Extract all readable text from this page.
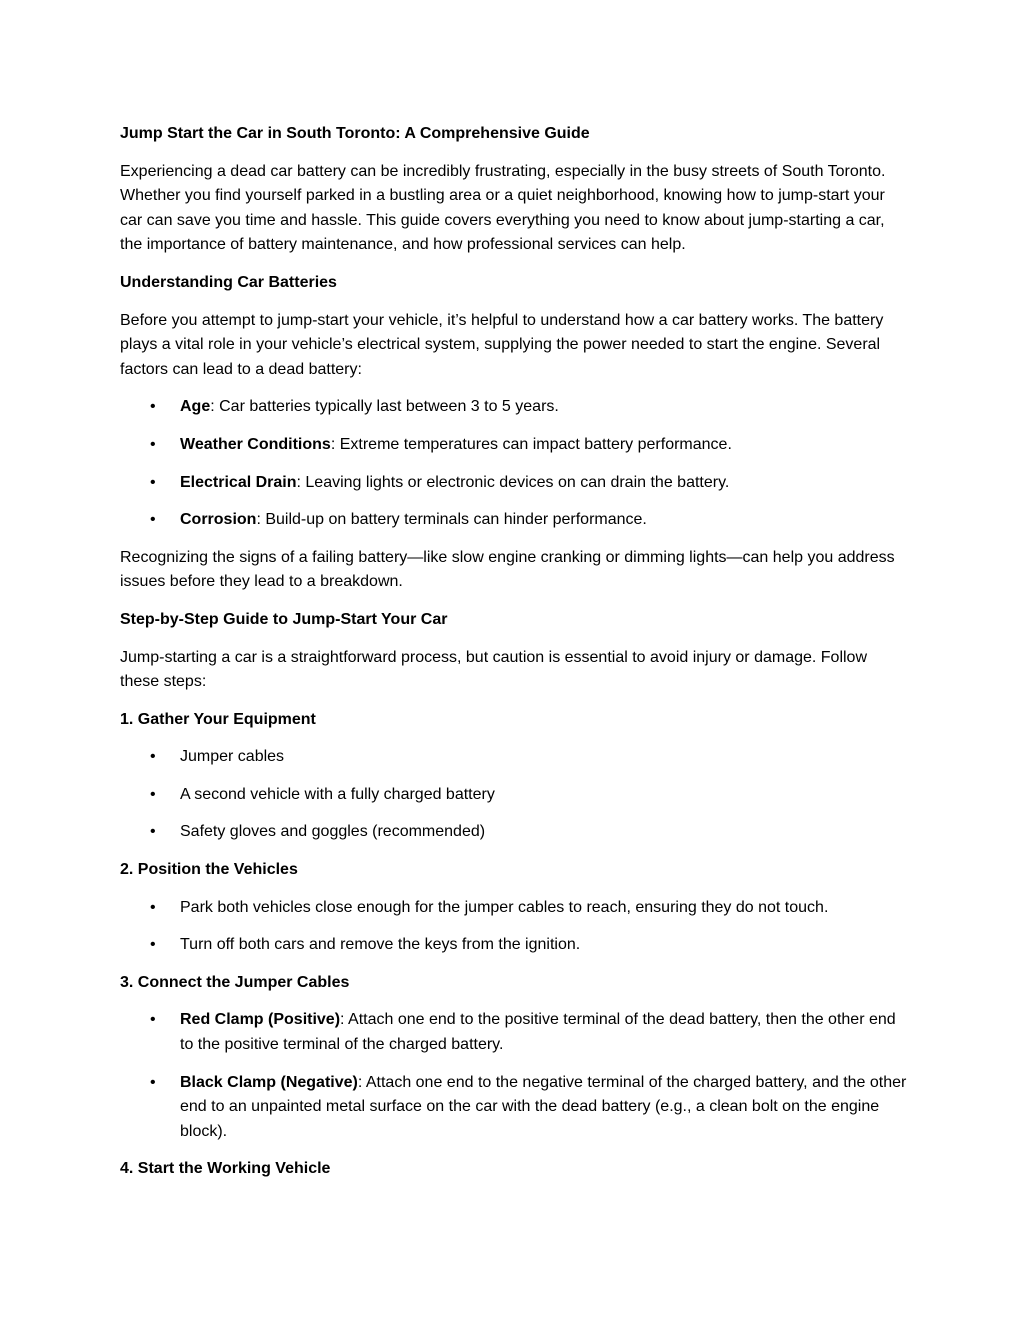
Jump Start the Car in South Toronto: A Comprehensive Guide

Experiencing a dead car battery can be incredibly frustrating, especially in the busy streets of South Toronto. Whether you find yourself parked in a bustling area or a quiet neighborhood, knowing how to jump-start your car can save you time and hassle. This guide covers everything you need to know about jump-starting a car, the importance of battery maintenance, and how professional services can help.

Understanding Car Batteries

Before you attempt to jump-start your vehicle, it’s helpful to understand how a car battery works. The battery plays a vital role in your vehicle’s electrical system, supplying the power needed to start the engine. Several factors can lead to a dead battery:

• Age: Car batteries typically last between 3 to 5 years.
• Weather Conditions: Extreme temperatures can impact battery performance.
• Electrical Drain: Leaving lights or electronic devices on can drain the battery.
• Corrosion: Build-up on battery terminals can hinder performance.

Recognizing the signs of a failing battery—like slow engine cranking or dimming lights—can help you address issues before they lead to a breakdown.

Step-by-Step Guide to Jump-Start Your Car

Jump-starting a car is a straightforward process, but caution is essential to avoid injury or damage. Follow these steps:

1. Gather Your Equipment

• Jumper cables
• A second vehicle with a fully charged battery
• Safety gloves and goggles (recommended)

2. Position the Vehicles

• Park both vehicles close enough for the jumper cables to reach, ensuring they do not touch.
• Turn off both cars and remove the keys from the ignition.

3. Connect the Jumper Cables

• Red Clamp (Positive): Attach one end to the positive terminal of the dead battery, then the other end to the positive terminal of the charged battery.
• Black Clamp (Negative): Attach one end to the negative terminal of the charged battery, and the other end to an unpainted metal surface on the car with the dead battery (e.g., a clean bolt on the engine block).

4. Start the Working Vehicle
